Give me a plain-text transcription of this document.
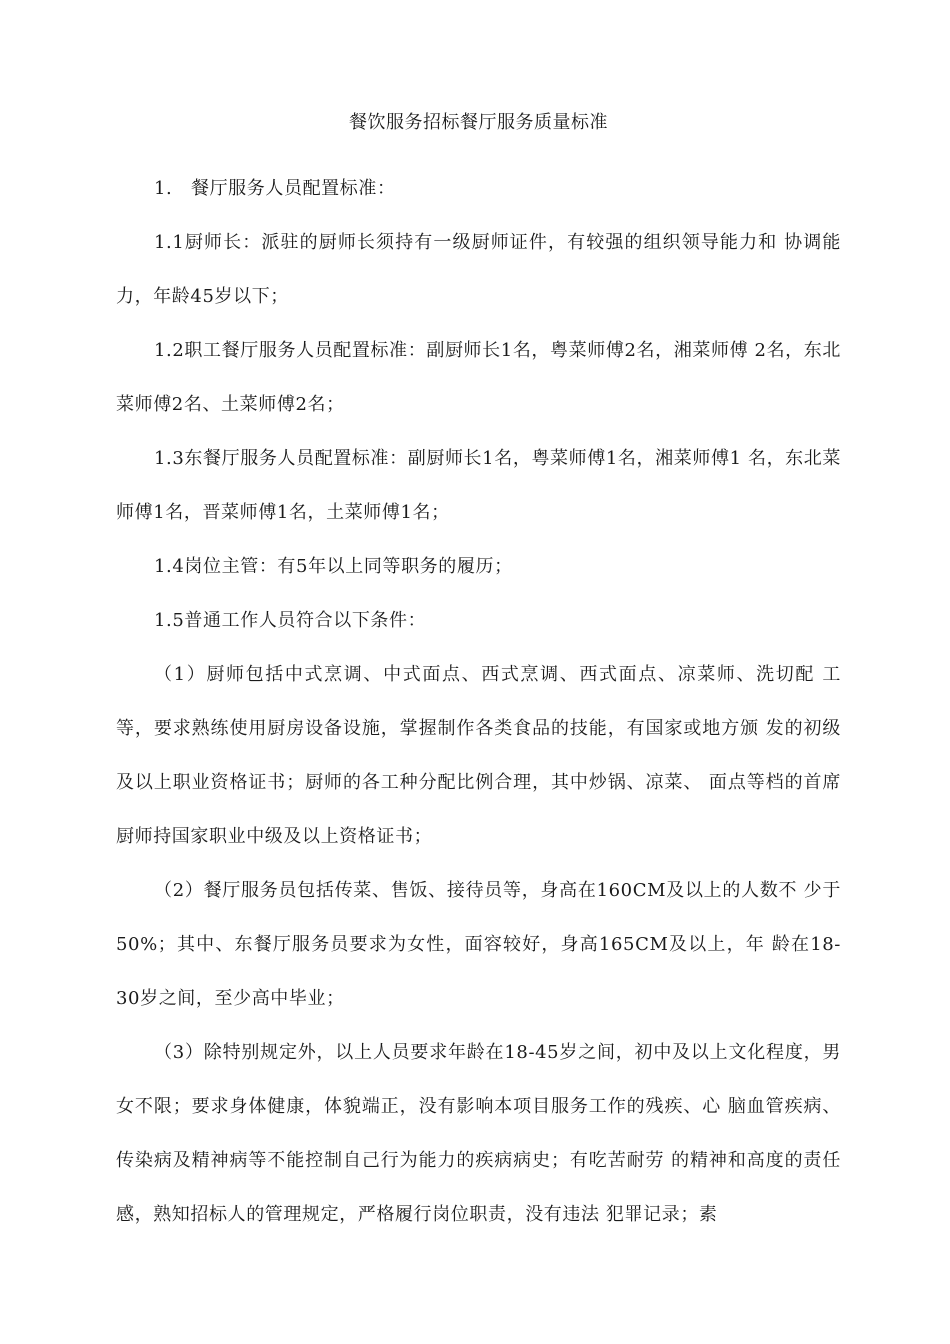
餐饮服务招标餐厅服务质量标准

1.　餐厅服务人员配置标准：

1.1厨师长：派驻的厨师长须持有一级厨师证件，有较强的组织领导能力和 协调能力，年龄45岁以下；

1.2职工餐厅服务人员配置标准：副厨师长1名，粤菜师傅2名，湘菜师傅 2名，东北菜师傅2名、土菜师傅2名；

1.3东餐厅服务人员配置标准：副厨师长1名，粤菜师傅1名，湘菜师傅1 名，东北菜师傅1名，晋菜师傅1名，土菜师傅1名；

1.4岗位主管：有5年以上同等职务的履历；

1.5普通工作人员符合以下条件：

（1）厨师包括中式烹调、中式面点、西式烹调、西式面点、凉菜师、洗切配 工等，要求熟练使用厨房设备设施，掌握制作各类食品的技能，有国家或地方颁 发的初级及以上职业资格证书；厨师的各工种分配比例合理，其中炒锅、凉菜、 面点等档的首席厨师持国家职业中级及以上资格证书；

（2）餐厅服务员包括传菜、售饭、接待员等，身高在160CM及以上的人数不 少于50%；其中、东餐厅服务员要求为女性，面容较好，身高165CM及以上，年 龄在18-30岁之间，至少高中毕业；

（3）除特别规定外，以上人员要求年龄在18-45岁之间，初中及以上文化程度，男女不限；要求身体健康，体貌端正，没有影响本项目服务工作的残疾、心 脑血管疾病、传染病及精神病等不能控制自己行为能力的疾病病史；有吃苦耐劳 的精神和高度的责任感，熟知招标人的管理规定，严格履行岗位职责，没有违法 犯罪记录；素
